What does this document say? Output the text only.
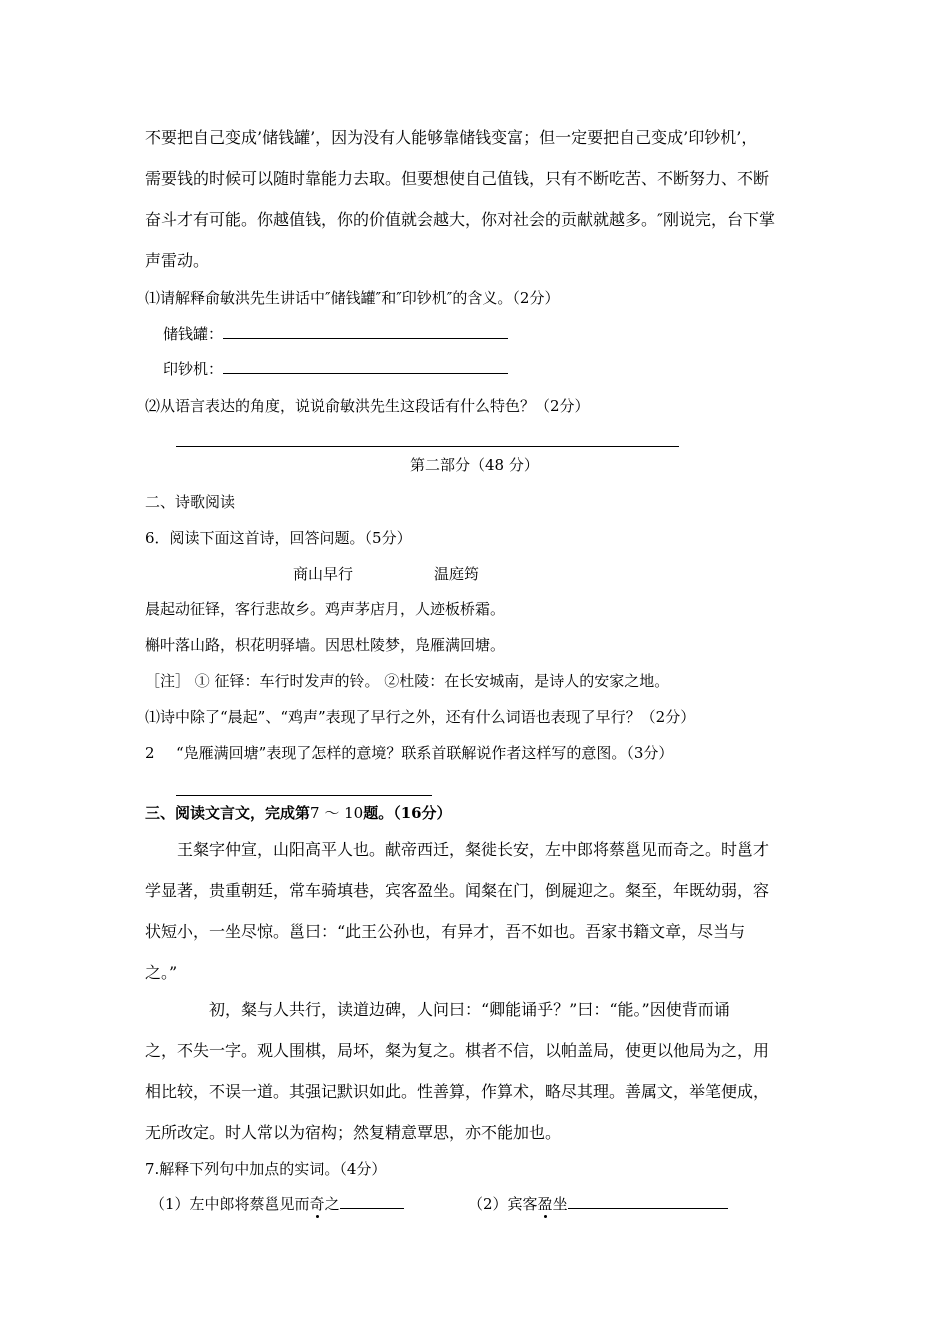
不要把自己变成’储钱罐’，因为没有人能够靠储钱变富；但一定要把自己变成’印钞机’，
需要钱的时候可以随时靠能力去取。但要想使自己值钱，只有不断吃苦、不断努力、不断
奋斗才有可能。你越值钱，你的价值就会越大，你对社会的贡献就越多。″刚说完，台下掌
声雷动。
⑴请解释俞敏洪先生讲话中″储钱罐″和″印钞机″的含义。（2分）
储钱罐：
印钞机：
⑵从语言表达的角度，说说俞敏洪先生这段话有什么特色？（2分）
第二部分（48 分）
二、诗歌阅读
6．阅读下面这首诗，回答问题。（5分）
商山早行	温庭筠
晨起动征铎，客行悲故乡。鸡声茅店月，人迹板桥霜。
槲叶落山路，枳花明驿墙。因思杜陵梦，凫雁满回塘。
［注］ ① 征铎：车行时发声的铃。 ②杜陵：在长安城南，是诗人的安家之地。
⑴诗中除了“晨起”、“鸡声”表现了早行之外，还有什么词语也表现了早行？（2分）
2 “凫雁满回塘”表现了怎样的意境？联系首联解说作者这样写的意图。（3分）
三、阅读文言文，完成第7 ～ 10题。（16分）
王粲字仲宣，山阳高平人也。献帝西迁，粲徙长安，左中郎将蔡邕见而奇之。时邕才
学显著，贵重朝廷，常车骑填巷，宾客盈坐。闻粲在门，倒屣迎之。粲至，年既幼弱，容
状短小，一坐尽惊。邕曰：“此王公孙也，有异才，吾不如也。吾家书籍文章，尽当与
之。”
初，粲与人共行，读道边碑，人问曰：“卿能诵乎？”曰：“能。”因使背而诵
之，不失一字。观人围棋，局坏，粲为复之。棋者不信，以帕盖局，使更以他局为之，用
相比较，不误一道。其强记默识如此。性善算，作算术，略尽其理。善属文，举笔便成，
无所改定。时人常以为宿构；然复精意覃思，亦不能加也。
7.解释下列句中加点的实词。（4分）
（1）左中郎将蔡邕见而奇之	（2）宾客盈坐
